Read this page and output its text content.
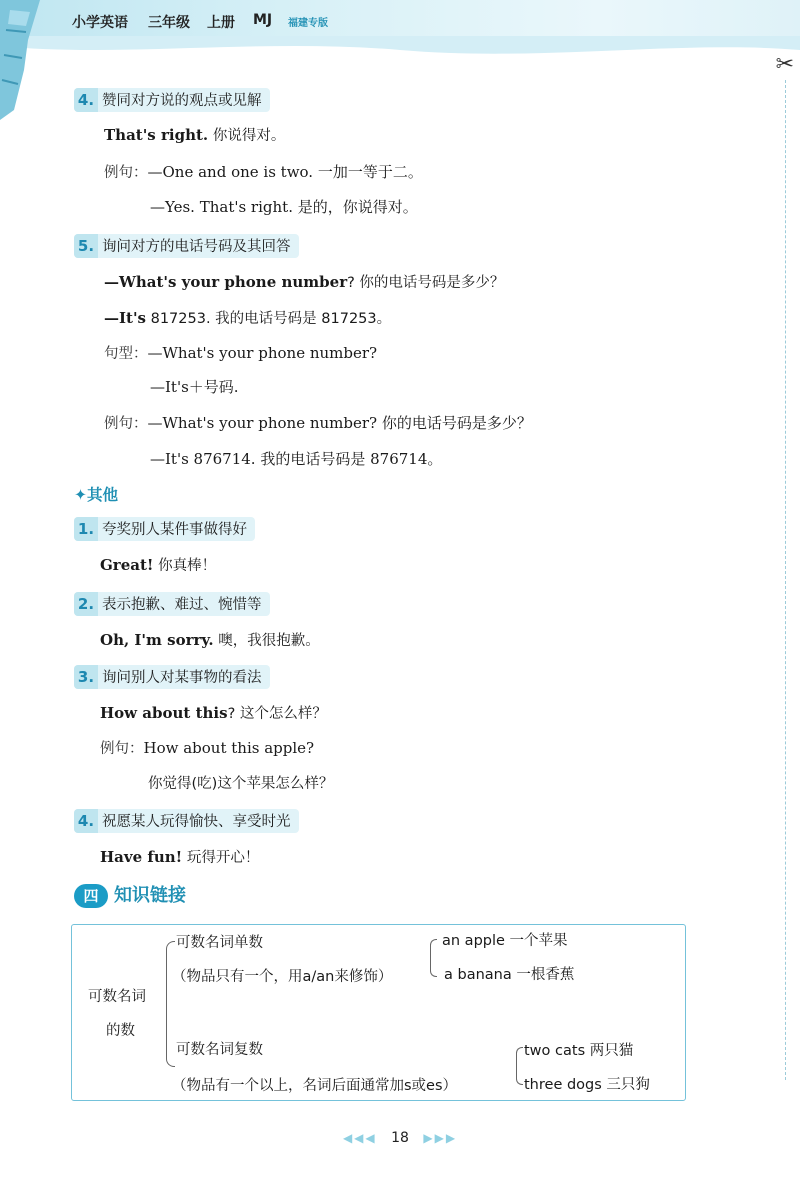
小学英语 三年级 上册 MJ 福建专版
✂
4. 赞同对方说的观点或见解
That's right. 你说得对。
例句：—One and one is two. 一加一等于二。
—Yes. That's right. 是的，你说得对。
5. 询问对方的电话号码及其回答
—What's your phone number? 你的电话号码是多少？
—It's 817253. 我的电话号码是 817253。
句型：—What's your phone number?
—It's＋号码.
例句：—What's your phone number? 你的电话号码是多少？
—It's 876714. 我的电话号码是 876714。
✦其他
1. 夸奖别人某件事做得好
Great! 你真棒！
2. 表示抱歉、难过、惋惜等
Oh, I'm sorry. 噢，我很抱歉。
3. 询问别人对某事物的看法
How about this? 这个怎么样？
例句：How about this apple?
你觉得(吃)这个苹果怎么样？
4. 祝愿某人玩得愉快、享受时光
Have fun! 玩得开心！
四 知识链接
可数名词
的数
可数名词单数
（物品只有一个，用a/an来修饰）
an apple 一个苹果
a banana 一根香蕉
可数名词复数
（物品有一个以上，名词后面通常加s或es）
two cats 两只猫
three dogs 三只狗
◀◀◀ 18 ▶▶▶
